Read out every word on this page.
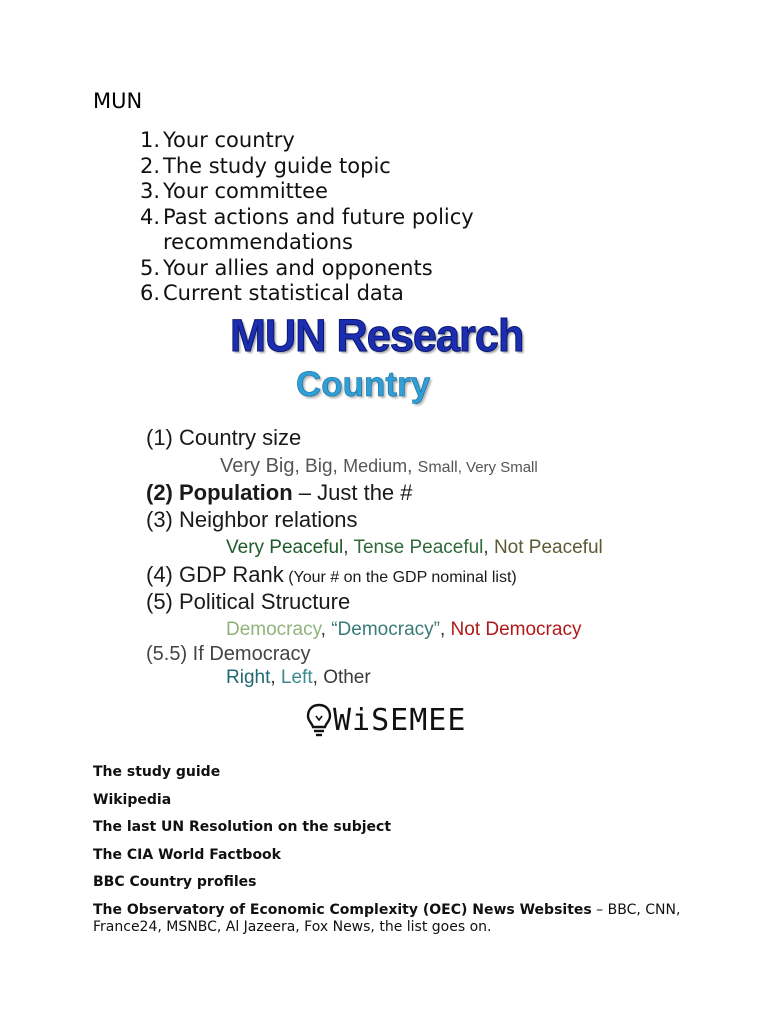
MUN
1. Your country
2. The study guide topic
3. Your committee
4. Past actions and future policy recommendations
5. Your allies and opponents
6. Current statistical data
MUN Research
Country
(1) Country size
Very Big, Big, Medium, Small, Very Small
(2) Population – Just the #
(3) Neighbor relations
Very Peaceful, Tense Peaceful, Not Peaceful
(4) GDP Rank (Your # on the GDP nominal list)
(5) Political Structure
Democracy, “Democracy”, Not Democracy
(5.5) If Democracy
Right, Left, Other
WiSEMEE
The study guide
Wikipedia
The last UN Resolution on the subject
The CIA World Factbook
BBC Country profiles
The Observatory of Economic Complexity (OEC) News Websites – BBC, CNN, France24, MSNBC, Al Jazeera, Fox News, the list goes on.
